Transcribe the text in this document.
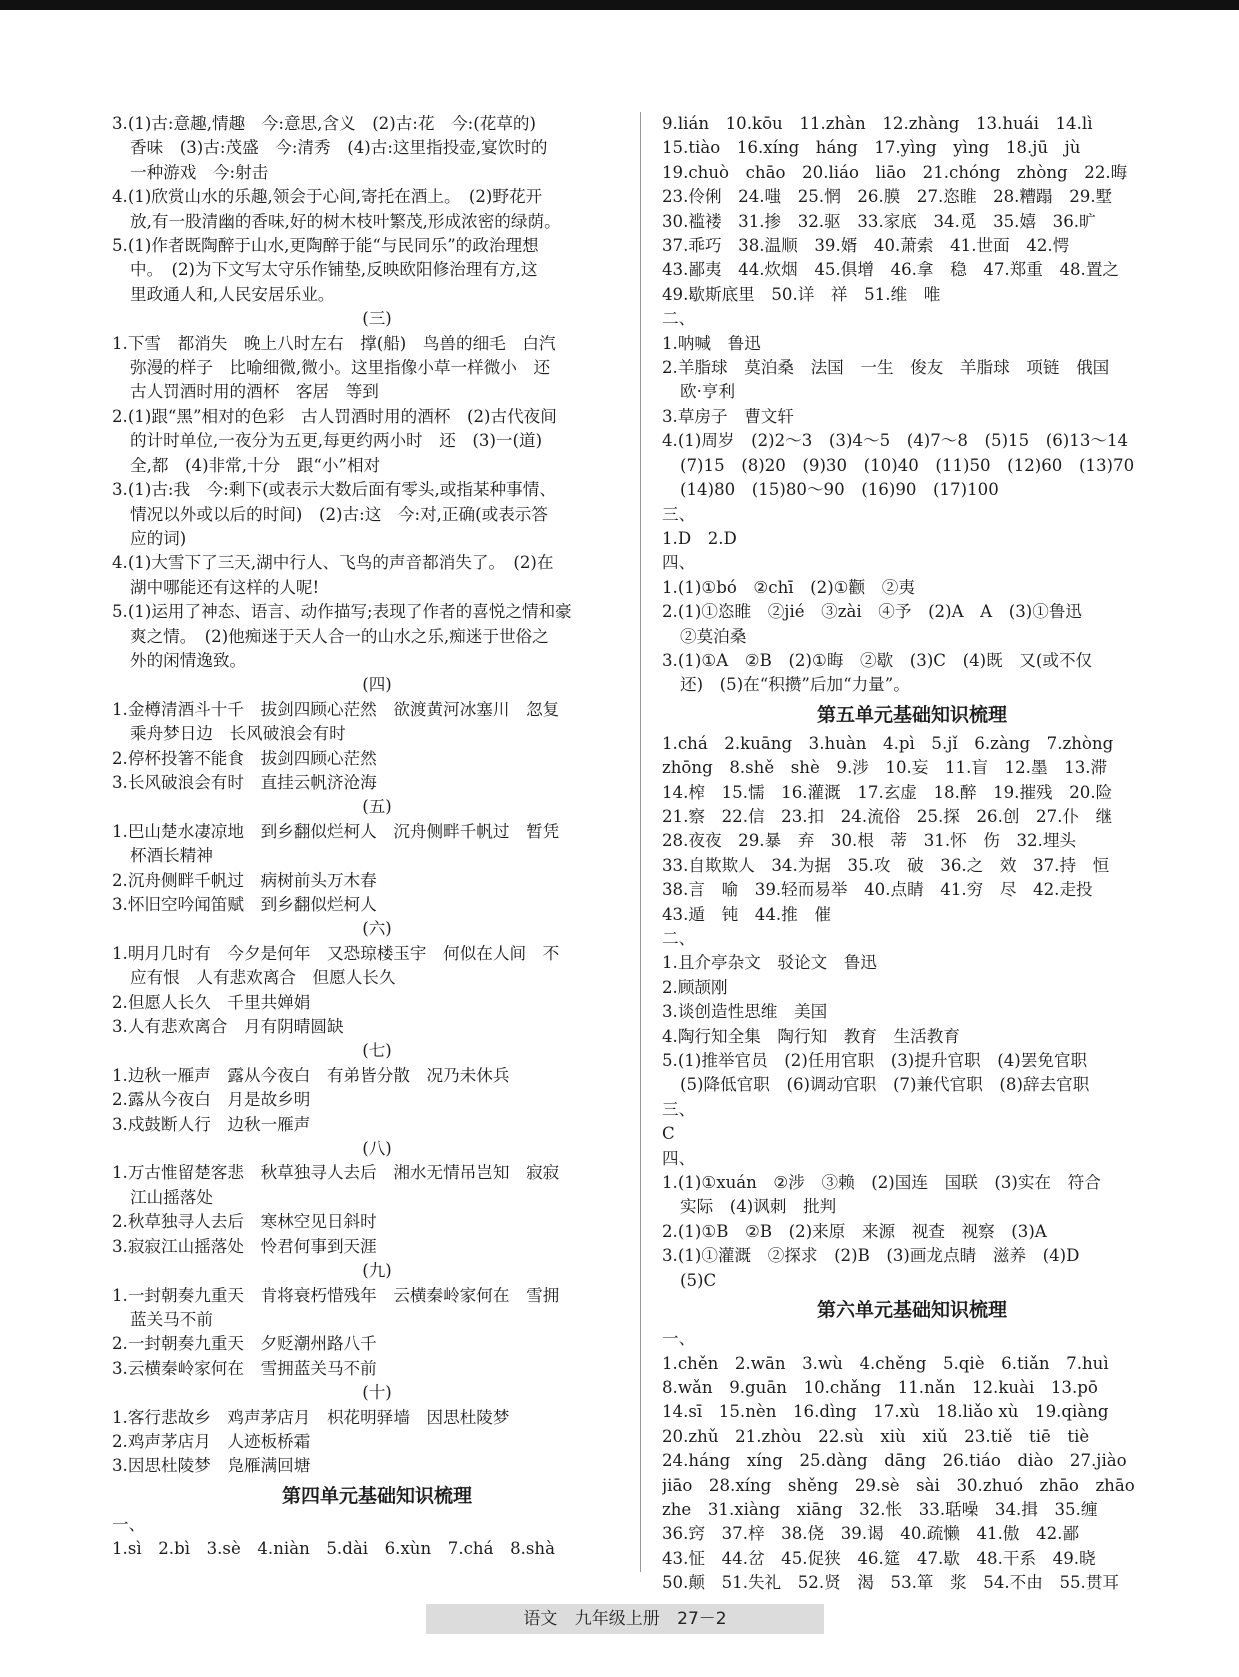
3.(1)古:意趣,情趣　今:意思,含义　(2)古:花　今:(花草的)
香味　(3)古:茂盛　今:清秀　(4)古:这里指投壶,宴饮时的
一种游戏　今:射击
4.(1)欣赏山水的乐趣,领会于心间,寄托在酒上。　(2)野花开
放,有一股清幽的香味,好的树木枝叶繁茂,形成浓密的绿荫。
5.(1)作者既陶醉于山水,更陶醉于能“与民同乐”的政治理想
中。　(2)为下文写太守乐作铺垫,反映欧阳修治理有方,这
里政通人和,人民安居乐业。
(三)
1.下雪　都消失　晚上八时左右　撑(船)　鸟兽的细毛　白汽
弥漫的样子　比喻细微,微小。这里指像小草一样微小　还
古人罚酒时用的酒杯　客居　等到
2.(1)跟“黑”相对的色彩　古人罚酒时用的酒杯　(2)古代夜间
的计时单位,一夜分为五更,每更约两小时　还　(3)一(道)
全,都　(4)非常,十分　跟“小”相对
3.(1)古:我　今:剩下(或表示大数后面有零头,或指某种事情、
情况以外或以后的时间)　(2)古:这　今:对,正确(或表示答
应的词)
4.(1)大雪下了三天,湖中行人、飞鸟的声音都消失了。　(2)在
湖中哪能还有这样的人呢!
5.(1)运用了神态、语言、动作描写;表现了作者的喜悦之情和豪
爽之情。　(2)他痴迷于天人合一的山水之乐,痴迷于世俗之
外的闲情逸致。
(四)
1.金樽清酒斗十千　拔剑四顾心茫然　欲渡黄河冰塞川　忽复
乘舟梦日边　长风破浪会有时
2.停杯投箸不能食　拔剑四顾心茫然
3.长风破浪会有时　直挂云帆济沧海
(五)
1.巴山楚水凄凉地　到乡翻似烂柯人　沉舟侧畔千帆过　暂凭
杯酒长精神
2.沉舟侧畔千帆过　病树前头万木春
3.怀旧空吟闻笛赋　到乡翻似烂柯人
(六)
1.明月几时有　今夕是何年　又恐琼楼玉宇　何似在人间　不
应有恨　人有悲欢离合　但愿人长久
2.但愿人长久　千里共婵娟
3.人有悲欢离合　月有阴晴圆缺
(七)
1.边秋一雁声　露从今夜白　有弟皆分散　况乃未休兵
2.露从今夜白　月是故乡明
3.戍鼓断人行　边秋一雁声
(八)
1.万古惟留楚客悲　秋草独寻人去后　湘水无情吊岂知　寂寂
江山摇落处
2.秋草独寻人去后　寒林空见日斜时
3.寂寂江山摇落处　怜君何事到天涯
(九)
1.一封朝奏九重天　肯将衰朽惜残年　云横秦岭家何在　雪拥
蓝关马不前
2.一封朝奏九重天　夕贬潮州路八千
3.云横秦岭家何在　雪拥蓝关马不前
(十)
1.客行悲故乡　鸡声茅店月　枳花明驿墙　因思杜陵梦
2.鸡声茅店月　人迹板桥霜
3.因思杜陵梦　凫雁满回塘
第四单元基础知识梳理
一、
1.sì　2.bì　3.sè　4.niàn　5.dài　6.xùn　7.chá　8.shà
9.lián　10.kōu　11.zhàn　12.zhàng　13.huái　14.lì
15.tiào　16.xíng　háng　17.yìng　yìng　18.jū　jù
19.chuò　chāo　20.liáo　liāo　21.chóng　zhòng　22.晦
23.伶俐　24.嗤　25.惘　26.膜　27.恣睢　28.糟蹋　29.墅
30.褴褛　31.掺　32.驱　33.家底　34.觅　35.嬉　36.旷
37.乖巧　38.温顺　39.婿　40.萧索　41.世面　42.愕
43.鄙夷　44.炊烟　45.俱增　46.拿　稳　47.郑重　48.置之
49.歇斯底里　50.详　祥　51.维　唯
二、
1.呐喊　鲁迅
2.羊脂球　莫泊桑　法国　一生　俊友　羊脂球　项链　俄国
欧·亨利
3.草房子　曹文轩
4.(1)周岁　(2)2～3　(3)4～5　(4)7～8　(5)15　(6)13～14
(7)15　(8)20　(9)30　(10)40　(11)50　(12)60　(13)70
(14)80　(15)80～90　(16)90　(17)100
三、
1.D　2.D
四、
1.(1)①bó　②chī　(2)①颧　②夷
2.(1)①恣睢　②jié　③zài　④予　(2)A　A　(3)①鲁迅
②莫泊桑
3.(1)①A　②B　(2)①晦　②歇　(3)C　(4)既　又(或不仅
还)　(5)在“积攒”后加“力量”。
第五单元基础知识梳理
1.chá　2.kuāng　3.huàn　4.pì　5.jǐ　6.zàng　7.zhòng
zhōng　8.shě　shè　9.涉　10.妄　11.盲　12.墨　13.滞
14.榨　15.懦　16.灌溉　17.玄虚　18.醉　19.摧残　20.险
21.察　22.信　23.扣　24.流俗　25.探　26.创　27.仆　继
28.夜夜　29.暴　弃　30.根　蒂　31.怀　伤　32.埋头
33.自欺欺人　34.为据　35.攻　破　36.之　效　37.持　恒
38.言　喻　39.轻而易举　40.点睛　41.穷　尽　42.走投
43.遁　钝　44.推　催
二、
1.且介亭杂文　驳论文　鲁迅
2.顾颉刚
3.谈创造性思维　美国
4.陶行知全集　陶行知　教育　生活教育
5.(1)推举官员　(2)任用官职　(3)提升官职　(4)罢免官职
(5)降低官职　(6)调动官职　(7)兼代官职　(8)辞去官职
三、
C
四、
1.(1)①xuán　②涉　③赖　(2)国连　国联　(3)实在　符合
实际　(4)讽刺　批判
2.(1)①B　②B　(2)来原　来源　视查　视察　(3)A
3.(1)①灌溉　②探求　(2)B　(3)画龙点睛　滋养　(4)D
(5)C
第六单元基础知识梳理
一、
1.chěn　2.wān　3.wù　4.chěng　5.qiè　6.tiǎn　7.huì
8.wǎn　9.guān　10.chǎng　11.nǎn　12.kuài　13.pō
14.sī　15.nèn　16.dìng　17.xù　18.liǎo xù　19.qiàng
20.zhǔ　21.zhòu　22.sù　xiù　xiǔ　23.tiě　tiē　tiè
24.háng　xíng　25.dàng　dāng　26.tiáo　diào　27.jiào
jiāo　28.xíng　shěng　29.sè　sài　30.zhuó　zhāo　zhāo
zhe　31.xiàng　xiāng　32.怅　33.聒噪　34.揖　35.缠
36.窍　37.梓　38.侥　39.谒　40.疏懒　41.傲　42.鄙
43.怔　44.岔　45.促狭　46.筵　47.歇　48.干系　49.晓
50.颠　51.失礼　52.贤　渴　53.箪　浆　54.不由　55.贯耳
语文 九年级上册 27－2
